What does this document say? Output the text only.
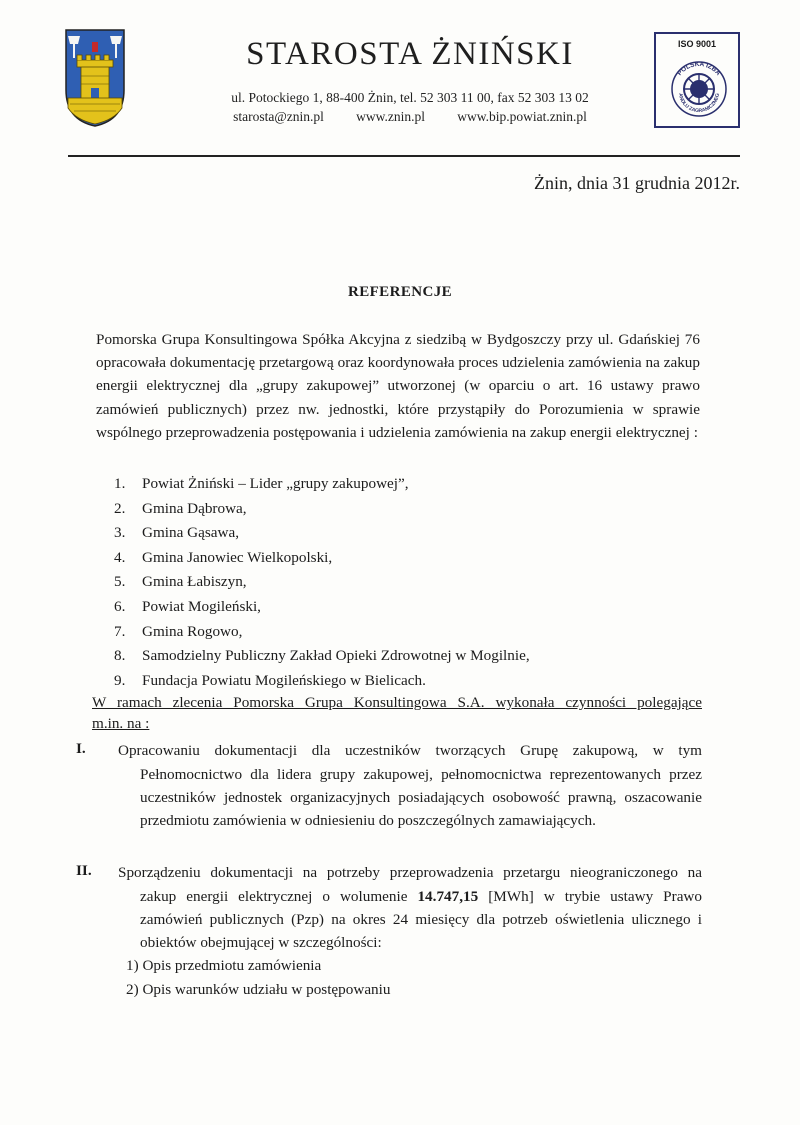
STAROSTA ŻNIŃSKI
ul. Potockiego 1, 88-400 Żnin, tel. 52 303 11 00, fax 52 303 13 02
starosta@znin.pl www.znin.pl www.bip.powiat.znin.pl
ISO 9001
POLSKA IZBA
ANDLU ZAGRANICZNEG
Żnin, dnia 31 grudnia 2012r.
REFERENCJE
Pomorska Grupa Konsultingowa Spółka Akcyjna z siedzibą w Bydgoszczy przy ul. Gdańskiej 76 opracowała dokumentację przetargową oraz koordynowała proces udzielenia zamówienia na zakup energii elektrycznej dla „grupy zakupowej” utworzonej (w oparciu o art. 16 ustawy prawo zamówień publicznych) przez nw. jednostki, które przystąpiły do Porozumienia w sprawie wspólnego przeprowadzenia postępowania i udzielenia zamówienia na zakup energii elektrycznej :
1. Powiat Żniński – Lider „grupy zakupowej”,
2. Gmina Dąbrowa,
3. Gmina Gąsawa,
4. Gmina Janowiec Wielkopolski,
5. Gmina Łabiszyn,
6. Powiat Mogileński,
7. Gmina Rogowo,
8. Samodzielny Publiczny Zakład Opieki Zdrowotnej w Mogilnie,
9. Fundacja Powiatu Mogileńskiego w Bielicach.
W ramach zlecenia Pomorska Grupa Konsultingowa S.A. wykonała czynności polegające
m.in. na :
I. Opracowaniu dokumentacji dla uczestników tworzących Grupę zakupową, w tym
Pełnomocnictwo dla lidera grupy zakupowej, pełnomocnictwa reprezentowanych przez uczestników jednostek organizacyjnych posiadających osobowość prawną, oszacowanie przedmiotu zamówienia w odniesieniu do poszczególnych zamawiających.
II. Sporządzeniu dokumentacji na potrzeby przeprowadzenia przetargu nieograniczonego na
zakup energii elektrycznej o wolumenie 14.747,15 [MWh] w trybie ustawy Prawo zamówień publicznych (Pzp) na okres 24 miesięcy dla potrzeb oświetlenia ulicznego i obiektów obejmującej w szczególności:
1) Opis przedmiotu zamówienia
2) Opis warunków udziału w postępowaniu
